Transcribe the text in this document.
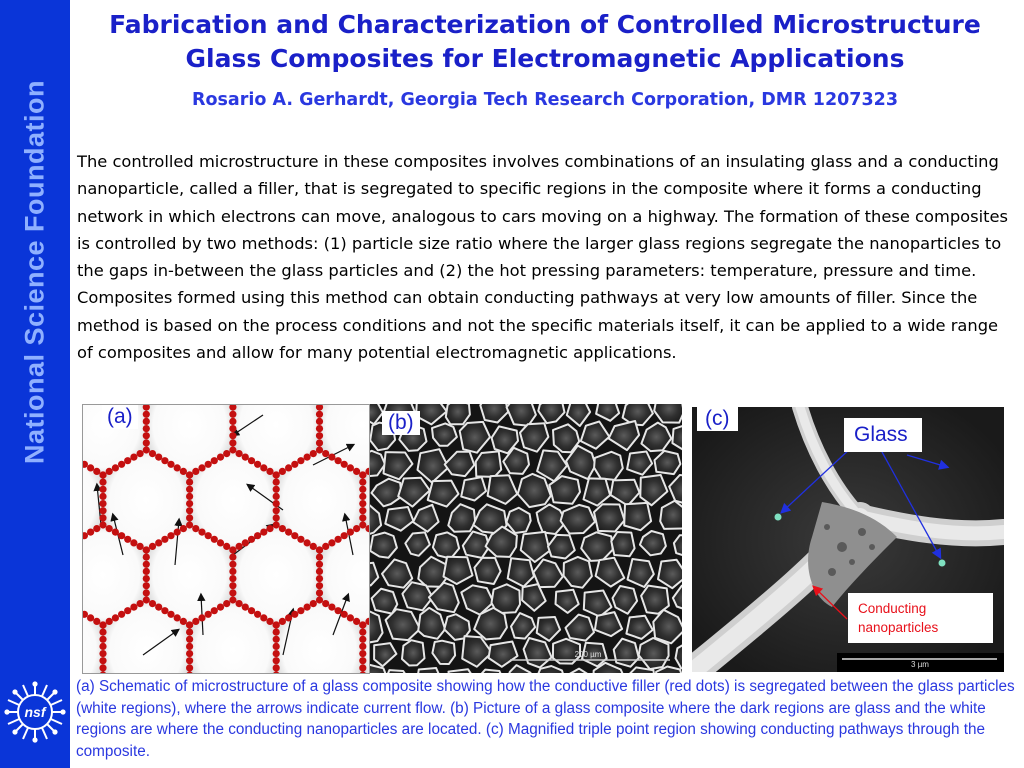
National Science Foundation
nsf
Fabrication and Characterization of Controlled Microstructure
Glass Composites for Electromagnetic Applications
Rosario A. Gerhardt, Georgia Tech Research Corporation, DMR 1207323
The controlled microstructure in these composites involves combinations of an insulating glass and a conducting nanoparticle, called a filler, that is segregated to specific regions in the composite where it forms a conducting network in which electrons can move, analogous to cars moving on a highway. The formation of these composites is controlled by two methods: (1) particle size ratio where the larger glass regions segregate the nanoparticles to the gaps in-between the glass particles and (2) the hot pressing parameters: temperature, pressure and time. Composites formed using this method can obtain conducting pathways at very low amounts of filler. Since the method is based on the process conditions and not the specific materials itself, it can be applied to a wide range of composites and allow for many potential electromagnetic applications.
(a)
200 µm
(b)
3 µm
(c)
Glass
Conducting
nanoparticles
(a) Schematic of microstructure of a glass composite showing how the conductive filler (red dots) is segregated between the glass particles (white regions), where the arrows indicate current flow. (b) Picture of a glass composite where the dark regions are glass and the white regions are where the conducting nanoparticles are located. (c) Magnified triple point region showing conducting pathways through the composite.
